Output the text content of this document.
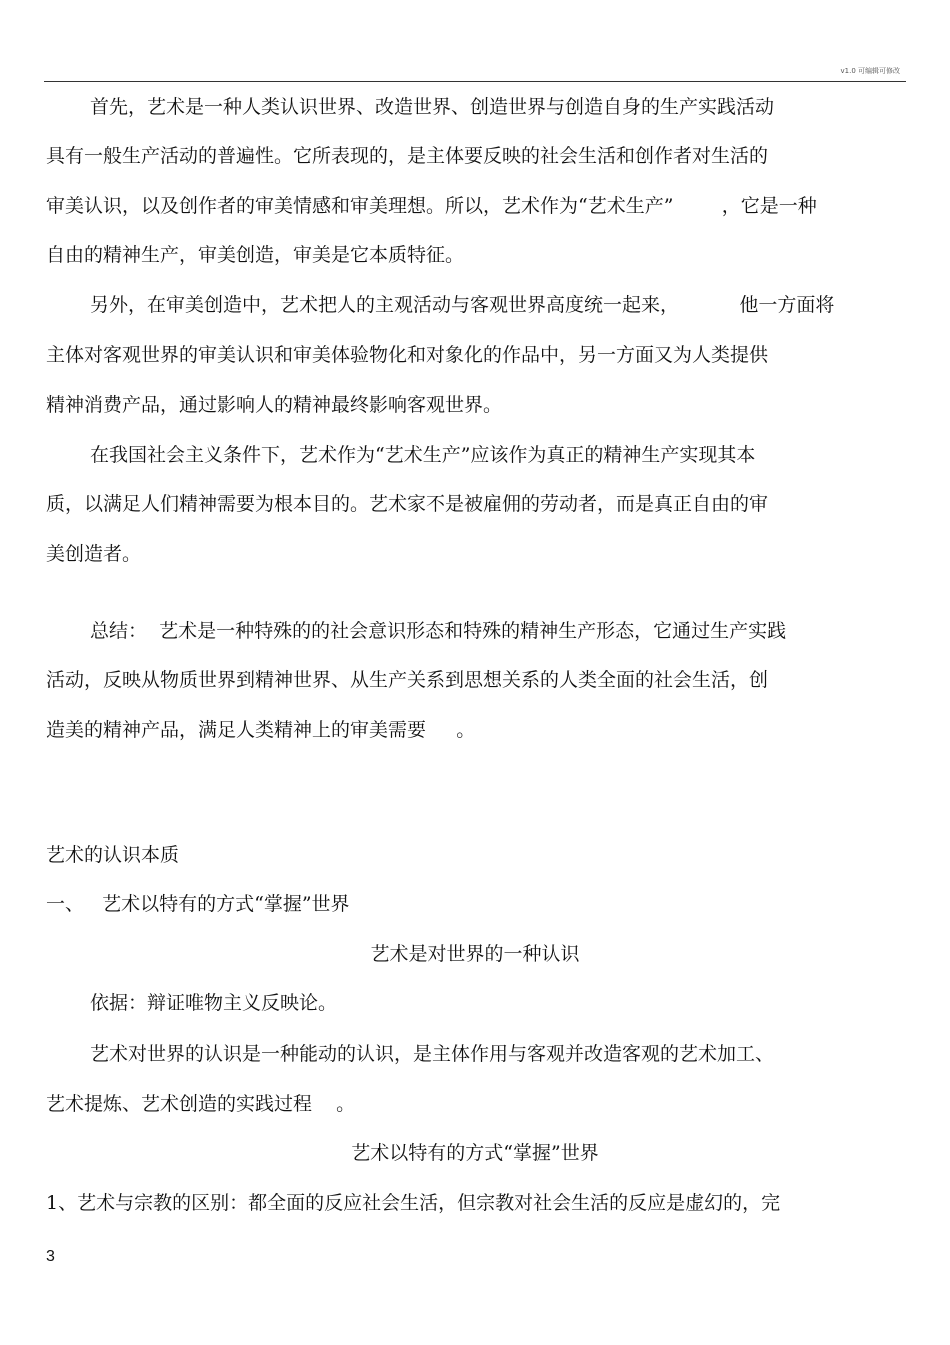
v1.0 可编辑可修改
首先，艺术是一种人类认识世界、改造世界、创造世界与创造自身的生产实践活动
具有一般生产活动的普遍性。它所表现的，是主体要反映的社会生活和创作者对生活的
审美认识，以及创作者的审美情感和审美理想。所以，艺术作为“艺术生产”        ，它是一种
自由的精神生产，审美创造，审美是它本质特征。
另外，在审美创造中，艺术把人的主观活动与客观世界高度统一起来，          他一方面将
主体对客观世界的审美认识和审美体验物化和对象化的作品中，另一方面又为人类提供
精神消费产品，通过影响人的精神最终影响客观世界。
在我国社会主义条件下，艺术作为“艺术生产”应该作为真正的精神生产实现其本
质，以满足人们精神需要为根本目的。艺术家不是被雇佣的劳动者，而是真正自由的审
美创造者。
总结：  艺术是一种特殊的的社会意识形态和特殊的精神生产形态，它通过生产实践
活动，反映从物质世界到精神世界、从生产关系到思想关系的人类全面的社会生活，创
造美的精神产品，满足人类精神上的审美需要     。
艺术的认识本质
一、   艺术以特有的方式“掌握”世界
艺术是对世界的一种认识
依据：辩证唯物主义反映论。
艺术对世界的认识是一种能动的认识，是主体作用与客观并改造客观的艺术加工、
艺术提炼、艺术创造的实践过程    。
艺术以特有的方式“掌握”世界
1、艺术与宗教的区别：都全面的反应社会生活，但宗教对社会生活的反应是虚幻的，完
3
